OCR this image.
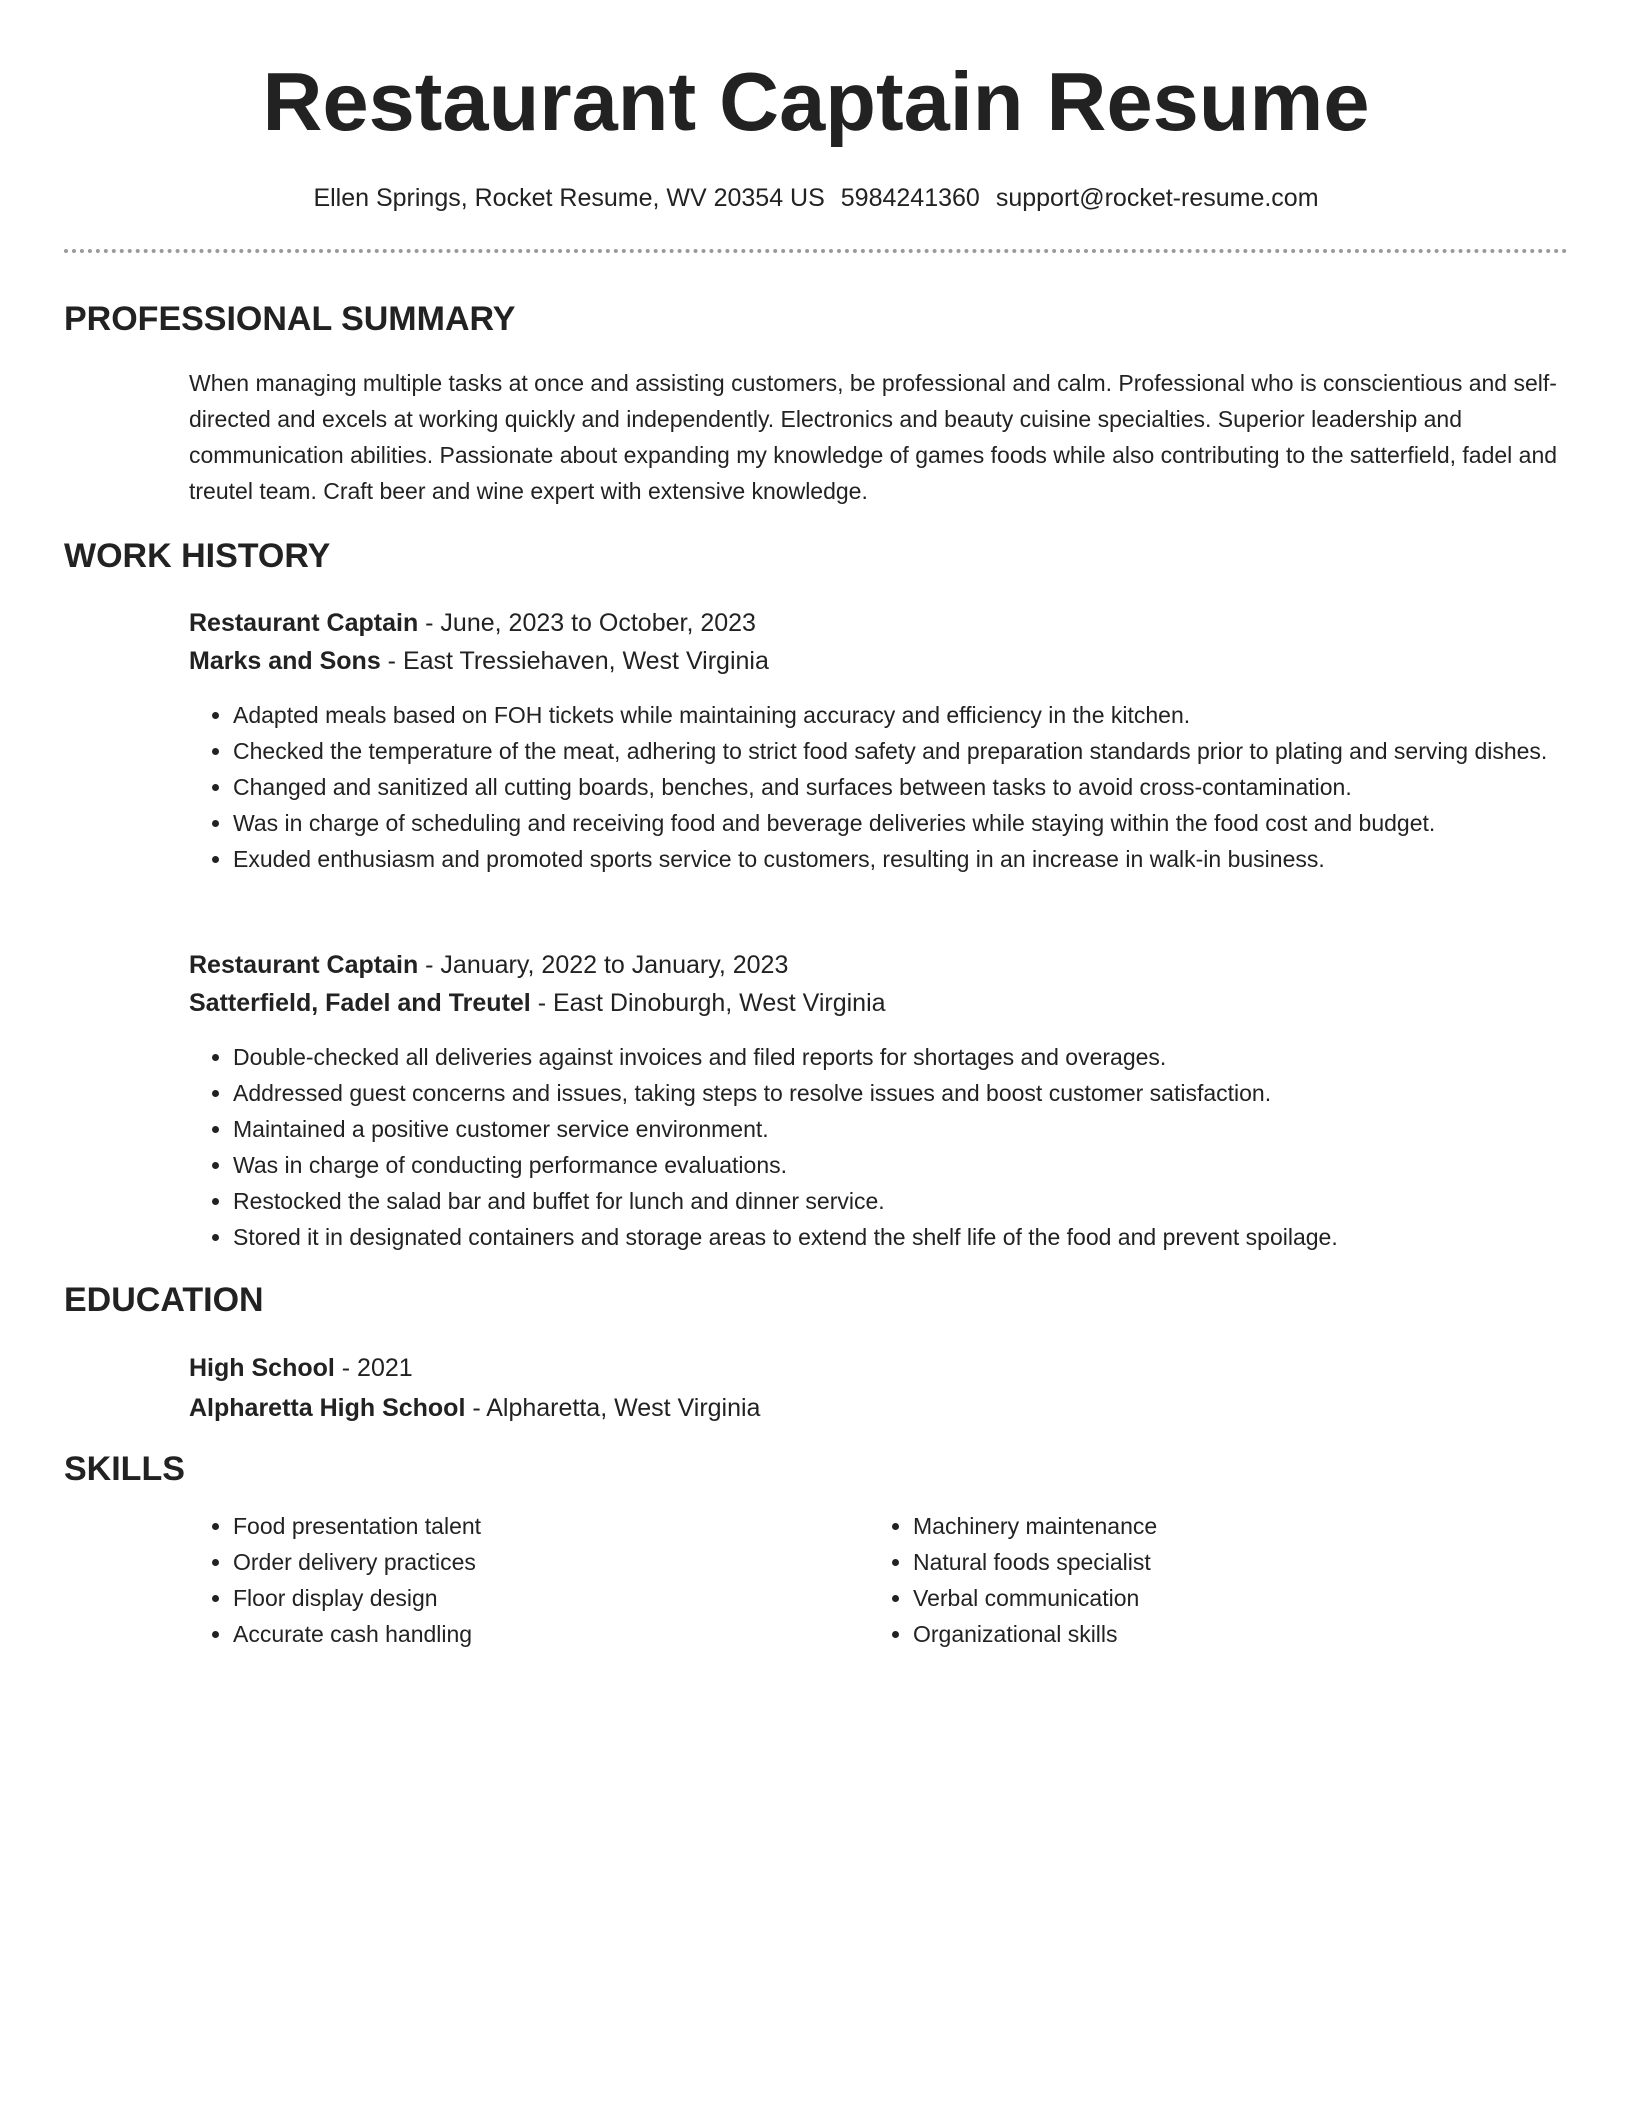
Restaurant Captain Resume
Ellen Springs, Rocket Resume, WV 20354 US 5984241360 support@rocket-resume.com
PROFESSIONAL SUMMARY

When managing multiple tasks at once and assisting customers, be professional and calm. Professional who is conscientious and self-directed and excels at working quickly and independently. Electronics and beauty cuisine specialties. Superior leadership and communication abilities. Passionate about expanding my knowledge of games foods while also contributing to the satterfield, fadel and treutel team. Craft beer and wine expert with extensive knowledge.

WORK HISTORY
Restaurant Captain - June, 2023 to October, 2023
Marks and Sons - East Tressiehaven, West Virginia
• Adapted meals based on FOH tickets while maintaining accuracy and efficiency in the kitchen.
• Checked the temperature of the meat, adhering to strict food safety and preparation standards prior to plating and serving dishes.
• Changed and sanitized all cutting boards, benches, and surfaces between tasks to avoid cross-contamination.
• Was in charge of scheduling and receiving food and beverage deliveries while staying within the food cost and budget.
• Exuded enthusiasm and promoted sports service to customers, resulting in an increase in walk-in business.
Restaurant Captain - January, 2022 to January, 2023
Satterfield, Fadel and Treutel - East Dinoburgh, West Virginia
• Double-checked all deliveries against invoices and filed reports for shortages and overages.
• Addressed guest concerns and issues, taking steps to resolve issues and boost customer satisfaction.
• Maintained a positive customer service environment.
• Was in charge of conducting performance evaluations.
• Restocked the salad bar and buffet for lunch and dinner service.
• Stored it in designated containers and storage areas to extend the shelf life of the food and prevent spoilage.
EDUCATION
High School - 2021
Alpharetta High School - Alpharetta, West Virginia
SKILLS
• Food presentation talent
• Order delivery practices
• Floor display design
• Accurate cash handling
• Machinery maintenance
• Natural foods specialist
• Verbal communication
• Organizational skills
